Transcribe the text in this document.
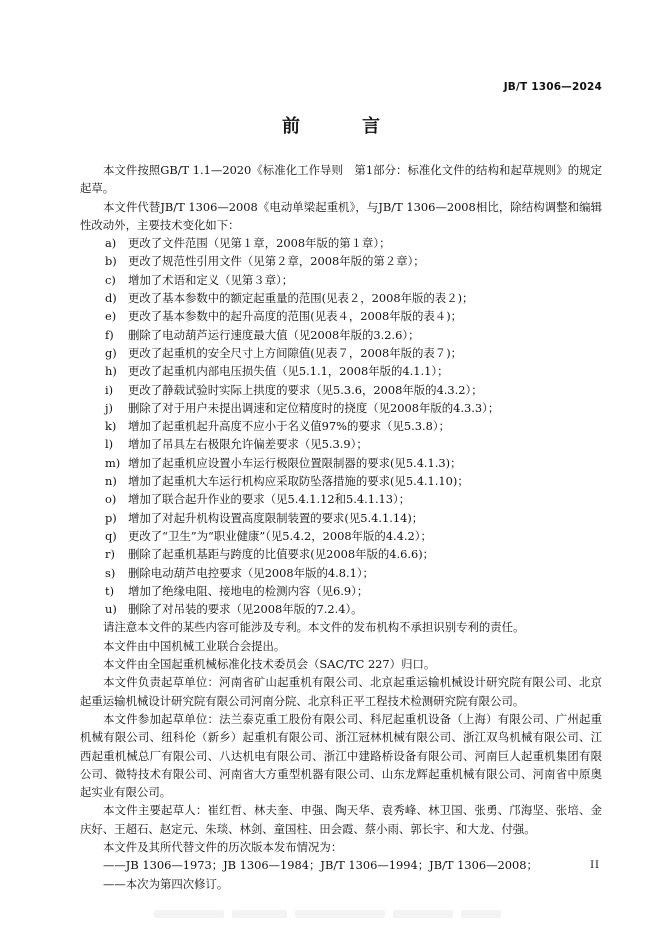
JB/T 1306—2024
前　言

本文件按照GB/T 1.1—2020《标准化工作导则　第1部分：标准化文件的结构和起草规则》的规定起草。

本文件代替JB/T 1306—2008《电动单梁起重机》，与JB/T 1306—2008相比，除结构调整和编辑性改动外，主要技术变化如下：

a) 更改了文件范围（见第１章，2008年版的第１章）；

b) 更改了规范性引用文件（见第２章，2008年版的第２章）；

c) 增加了术语和定义（见第３章）；

d) 更改了基本参数中的额定起重量的范围(见表２，2008年版的表２)；

e) 更改了基本参数中的起升高度的范围(见表４，2008年版的表４)；

f) 删除了电动葫芦运行速度最大值（见2008年版的3.2.6）；

g) 更改了起重机的安全尺寸上方间隙值(见表７，2008年版的表７)；

h) 更改了起重机内部电压损失值（见5.1.1，2008年版的4.1.1）；

i) 更改了静载试验时实际上拱度的要求（见5.3.6，2008年版的4.3.2）；

j) 删除了对于用户未提出调速和定位精度时的挠度（见2008年版的4.3.3）；

k) 增加了起重机起升高度不应小于名义值97%的要求（见5.3.8）；

l) 增加了吊具左右极限允许偏差要求（见5.3.9）；

m) 增加了起重机应设置小车运行极限位置限制器的要求(见5.4.1.3)；

n) 增加了起重机大车运行机构应采取防坠落措施的要求(见5.4.1.10)；

o) 增加了联合起升作业的要求（见5.4.1.12和5.4.1.13）；

p) 增加了对起升机构设置高度限制装置的要求(见5.4.1.14)；

q) 更改了“卫生”为“职业健康”（见5.4.2，2008年版的4.4.2）；

r) 删除了起重机基距与跨度的比值要求(见2008年版的4.6.6)；

s) 删除电动葫芦电控要求（见2008年版的4.8.1）；

t) 增加了绝缘电阻、接地电的检测内容（见6.9）；

u) 删除了对吊装的要求（见2008年版的7.2.4）。

请注意本文件的某些内容可能涉及专利。本文件的发布机构不承担识别专利的责任。

本文件由中国机械工业联合会提出。

本文件由全国起重机械标准化技术委员会（SAC/TC 227）归口。

本文件负责起草单位：河南省矿山起重机有限公司、北京起重运输机械设计研究院有限公司、北京起重运输机械设计研究院有限公司河南分院、北京科正平工程技术检测研究院有限公司。

本文件参加起草单位：法兰泰克重工股份有限公司、科尼起重机设备（上海）有限公司、广州起重机械有限公司、纽科伦（新乡）起重机有限公司、浙江冠林机械有限公司、浙江双鸟机械有限公司、江西起重机械总厂有限公司、八达机电有限公司、浙江中建路桥设备有限公司、河南巨人起重机集团有限公司、微特技术有限公司、河南省大方重型机器有限公司、山东龙辉起重机械有限公司、河南省中原奥起实业有限公司。

本文件主要起草人：崔红哲、林夫奎、申强、陶天华、袁秀峰、林卫国、张勇、邝海坚、张培、金庆好、王超石、赵定元、朱琰、林剑、童国柱、田会霞、蔡小雨、郭长宇、和大龙、付强。

本文件及其所代替文件的历次版本发布情况为：

——JB 1306—1973；JB 1306—1984；JB/T 1306—1994；JB/T 1306—2008；

——本次为第四次修订。

II
